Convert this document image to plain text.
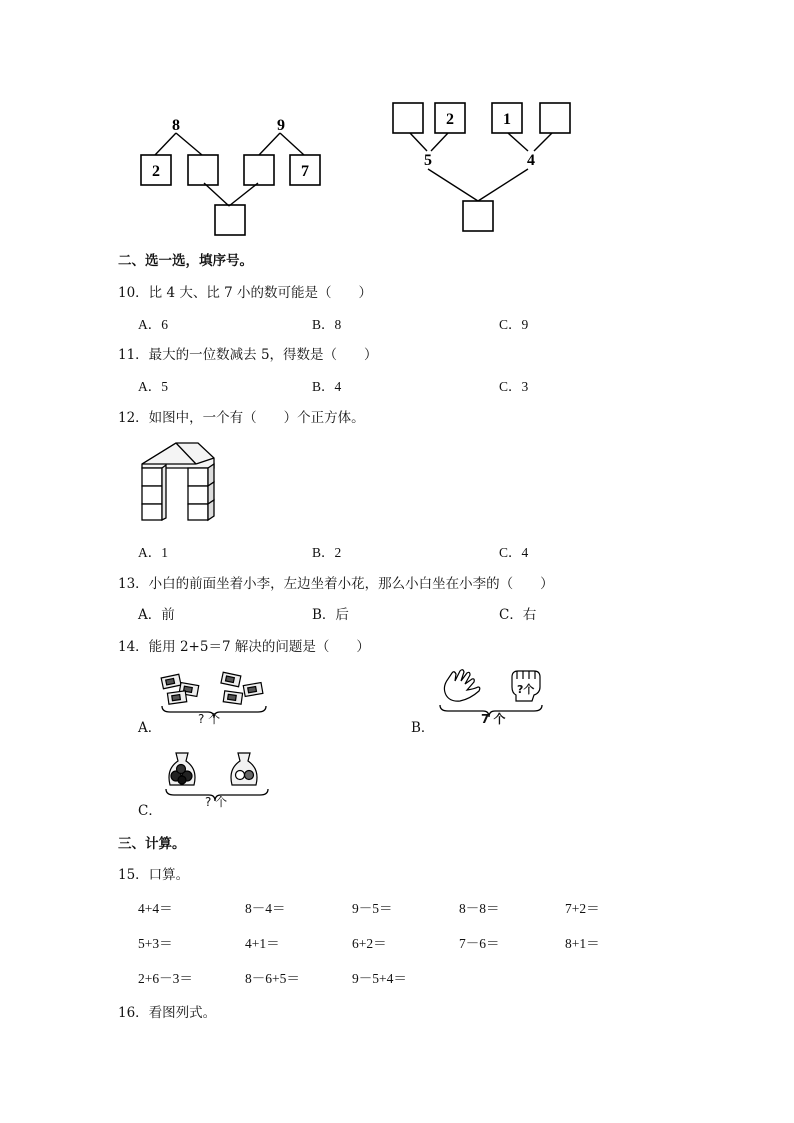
8	9
2	7
2	1
5	4
二、选一选，填序号。
10．比 4 大、比 7 小的数可能是（　　）
A．6	B．8	C．9
11．最大的一位数减去 5，得数是（　　）
A．5	B．4	C．3
12．如图中，一个有（　　）个正方体。
A．1	B．2	C．4
13．小白的前面坐着小李，左边坐着小花，那么小白坐在小李的（　　）
A．前	B．后	C．右
14．能用 2+5＝7 解决的问题是（　　）
A．
? 个
B．
?个
7 个
C．
? 个
三、计算。
15．口算。
4+4＝	8－4＝	9－5＝	8－8＝	7+2＝
5+3＝	4+1＝	6+2＝	7－6＝	8+1＝
2+6－3＝	8－6+5＝	9－5+4＝
16．看图列式。
